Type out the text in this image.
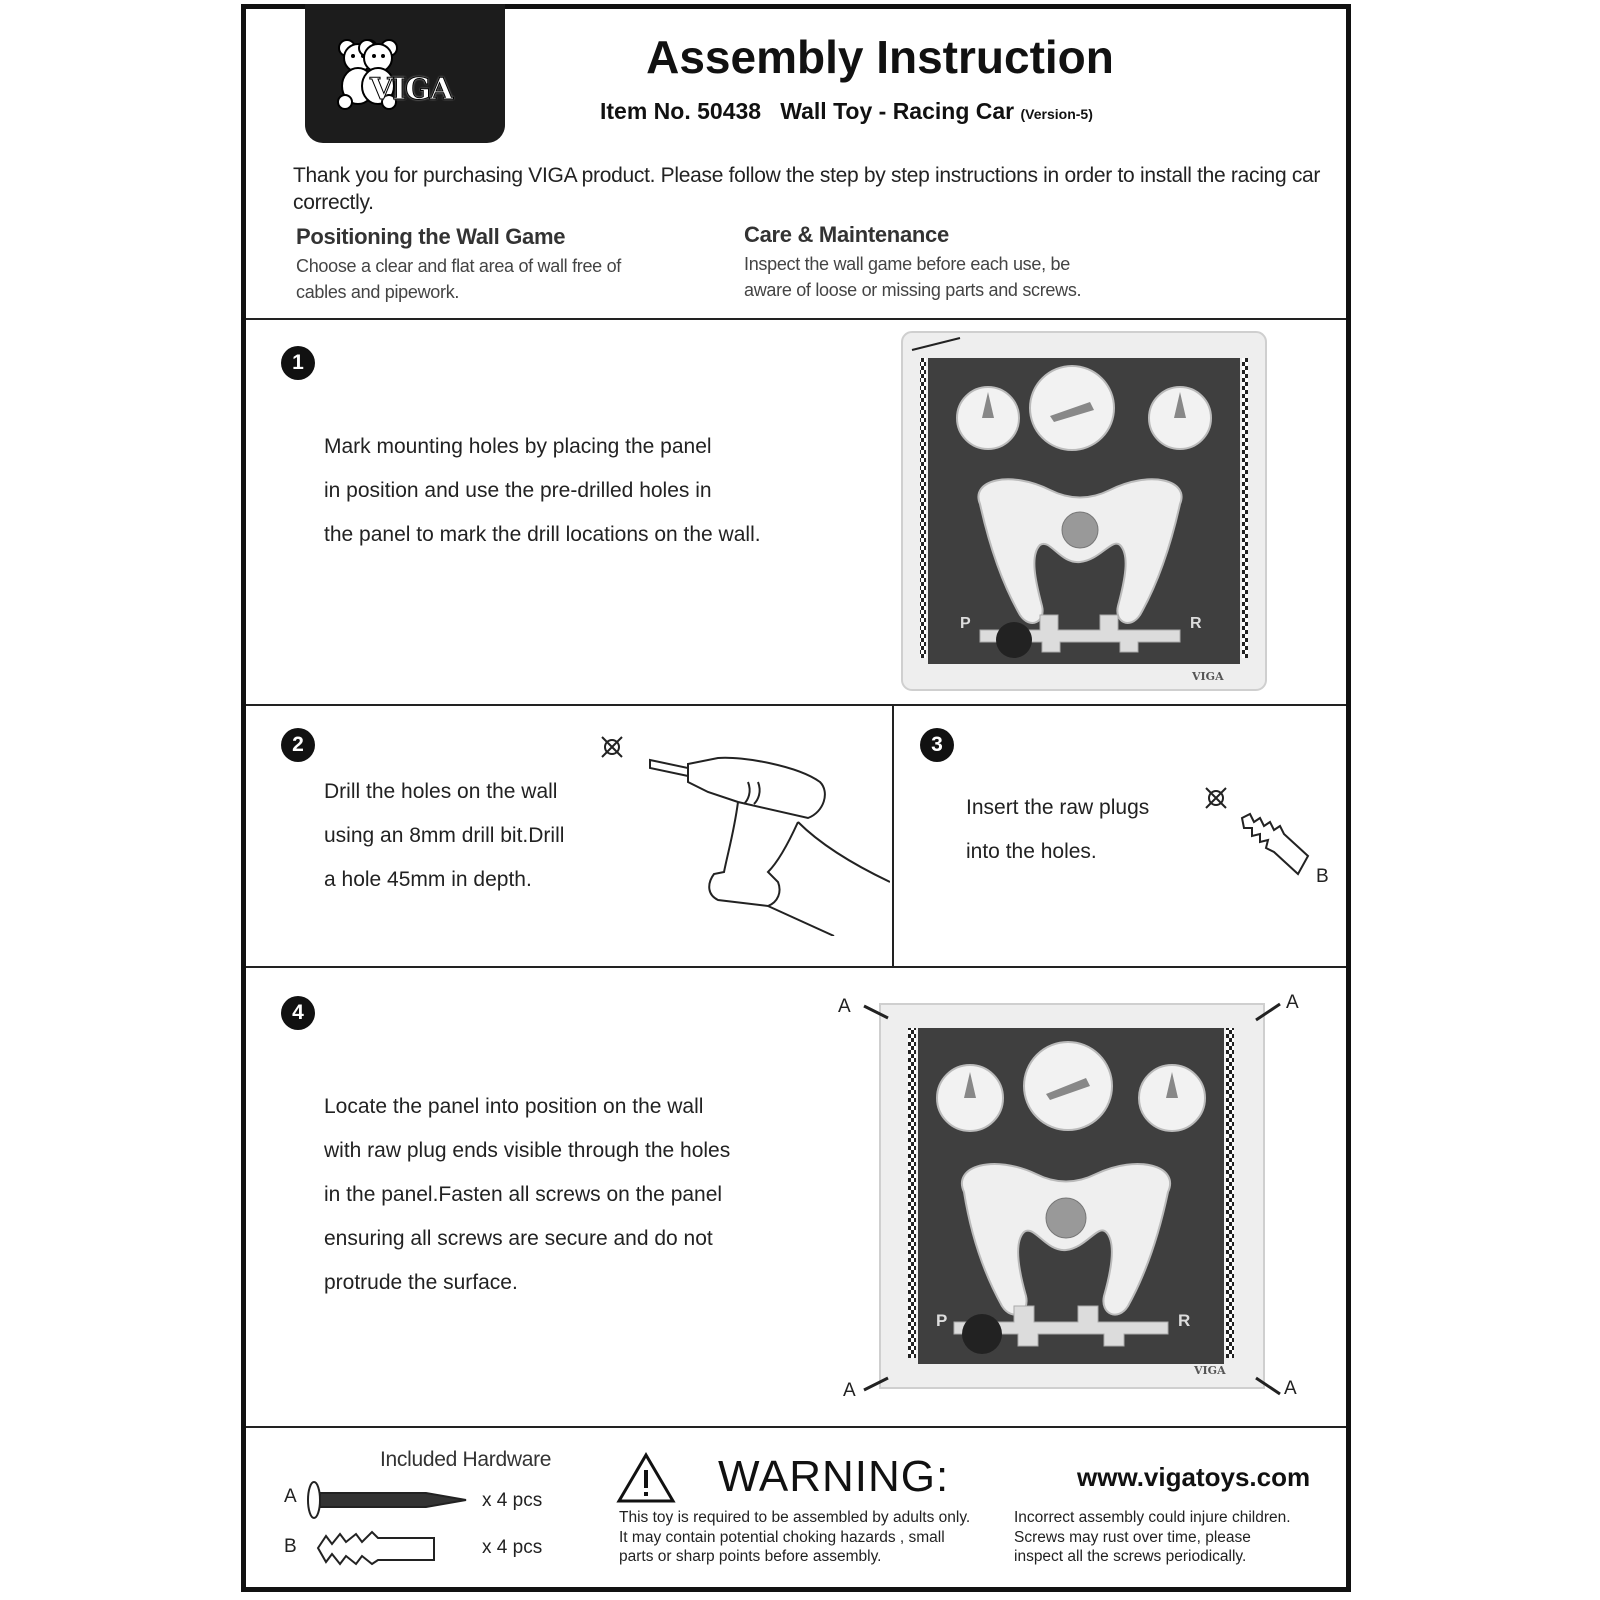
VIGA
Assembly Instruction
Item No. 50438   Wall Toy - Racing Car (Version-5)
Thank you for purchasing VIGA product. Please follow the step by step instructions in order to install the racing car correctly.
Positioning the Wall Game
Choose a clear and flat area of wall free of
cables and pipework.
Care & Maintenance
Inspect the wall game before each use, be
aware of loose or missing parts and screws.
1
Mark mounting holes by placing the panel
in position and use the pre-drilled holes in
the panel to mark the drill locations on the wall.
P	R
VIGA
2
Drill the holes on the wall
using an 8mm drill bit.Drill
a hole 45mm in depth.
3
Insert the raw plugs
into the holes.
B
4
Locate the panel into position on the wall
with raw plug ends visible through the holes
in the panel.Fasten all screws on the panel
ensuring all screws are secure and do not
protrude the surface.
P	R
VIGA
A	A
A	A
Included Hardware
A	x 4 pcs
B	x 4 pcs
WARNING:
This toy is required to be assembled by adults only.
It may contain potential choking hazards , small
parts or sharp points before assembly.
www.vigatoys.com
Incorrect assembly could injure children.
Screws may rust over time, please
inspect all the screws periodically.
